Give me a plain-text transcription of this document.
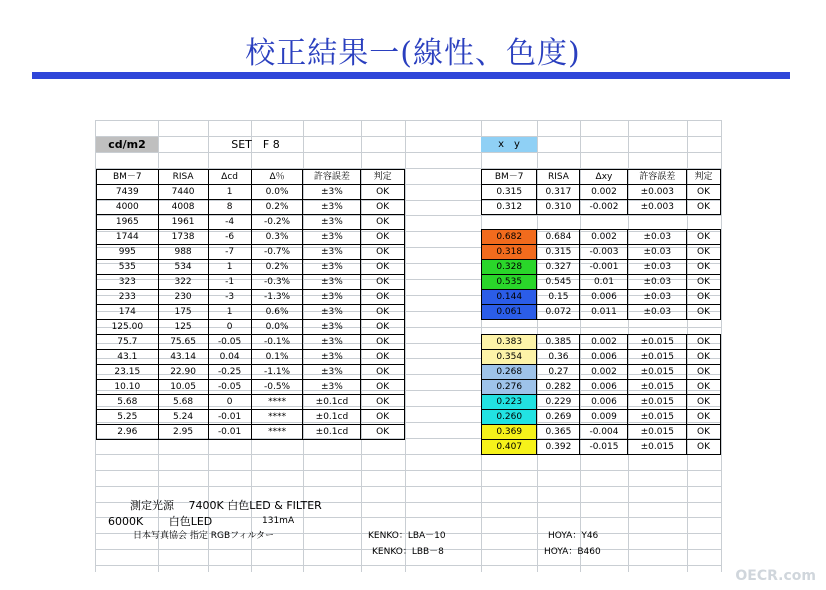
校正結果一(線性、色度)
cd/m2	SET　F 8	x　y
BM－7	RISA	Δcd	Δ％	許容誤差	判定
7439	7440	1	0.0%	±3%	OK
4000	4008	8	0.2%	±3%	OK
1965	1961	-4	-0.2%	±3%	OK
1744	1738	-6	0.3%	±3%	OK
995	988	-7	-0.7%	±3%	OK
535	534	1	0.2%	±3%	OK
323	322	-1	-0.3%	±3%	OK
233	230	-3	-1.3%	±3%	OK
174	175	1	0.6%	±3%	OK
125.00	125	0	0.0%	±3%	OK
75.7	75.65	-0.05	-0.1%	±3%	OK
43.1	43.14	0.04	0.1%	±3%	OK
23.15	22.90	-0.25	-1.1%	±3%	OK
10.10	10.05	-0.05	-0.5%	±3%	OK
5.68	5.68	0	****	±0.1cd	OK
5.25	5.24	-0.01	****	±0.1cd	OK
2.96	2.95	-0.01	****	±0.1cd	OK
BM－7	RISA	Δxy	許容誤差	判定
0.315	0.317	0.002	±0.003	OK
0.312	0.310	-0.002	±0.003	OK

0.682	0.684	0.002	±0.03	OK
0.318	0.315	-0.003	±0.03	OK
0.328	0.327	-0.001	±0.03	OK
0.535	0.545	0.01	±0.03	OK
0.144	0.15	0.006	±0.03	OK
0.061	0.072	0.011	±0.03	OK

0.383	0.385	0.002	±0.015	OK
0.354	0.36	0.006	±0.015	OK
0.268	0.27	0.002	±0.015	OK
0.276	0.282	0.006	±0.015	OK
0.223	0.229	0.006	±0.015	OK
0.260	0.269	0.009	±0.015	OK
0.369	0.365	-0.004	±0.015	OK
0.407	0.392	-0.015	±0.015	OK
測定光源　 7400K 白色LED & FILTER
6000K　　 白色LED	131mA
日本写真協会 指定 RGBフィルター	KENKO：LBA－10
KENKO：LBB－8
HOYA：Y46
HOYA：B460
OECR.com
